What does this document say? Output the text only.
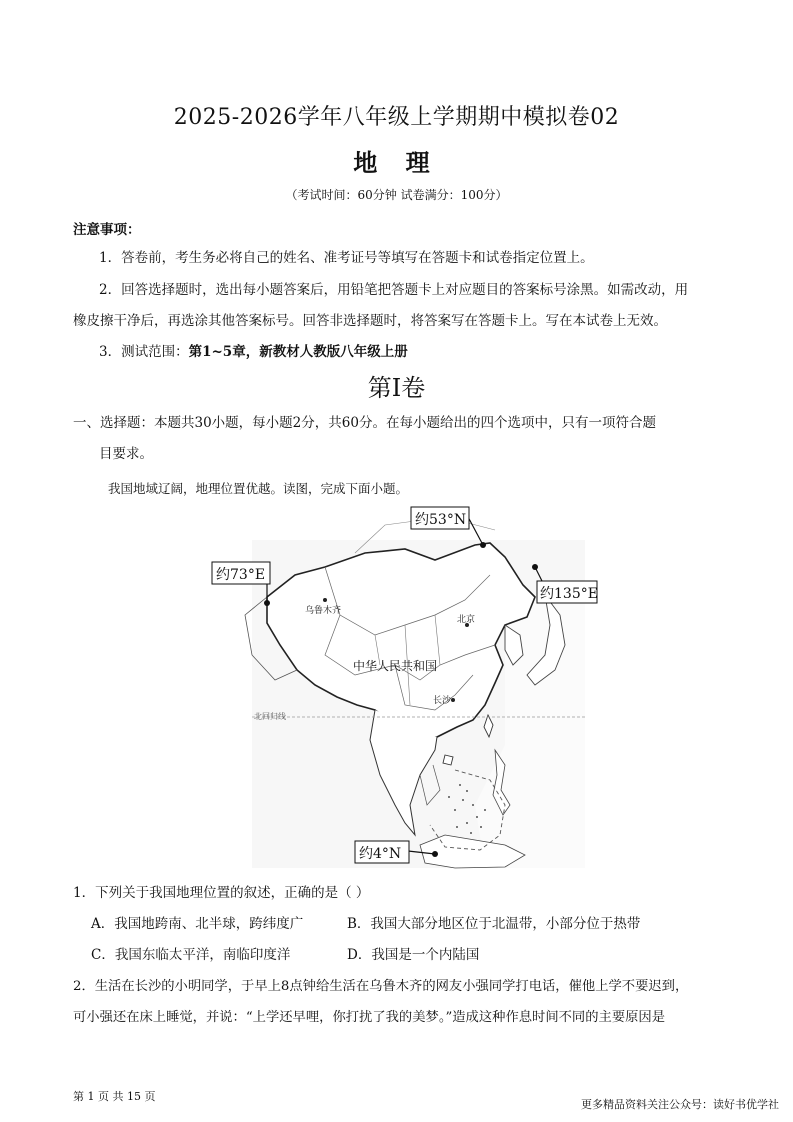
2025-2026学年八年级上学期期中模拟卷02
地 理
（考试时间：60分钟 试卷满分：100分）
注意事项：
1．答卷前，考生务必将自己的姓名、准考证号等填写在答题卡和试卷指定位置上。
2．回答选择题时，选出每小题答案后，用铅笔把答题卡上对应题目的答案标号涂黑。如需改动，用
橡皮擦干净后，再选涂其他答案标号。回答非选择题时，将答案写在答题卡上。写在本试卷上无效。
3．测试范围：第1~5章，新教材人教版八年级上册
第I卷
一、选择题：本题共30小题，每小题2分，共60分。在每小题给出的四个选项中，只有一项符合题
目要求。
我国地域辽阔，地理位置优越。读图，完成下面小题。
北回归线
乌鲁木齐
北京
长沙
中华人民共和国
约53°N
约73°E
约135°E
约4°N
1．下列关于我国地理位置的叙述，正确的是（ ）
A．我国地跨南、北半球，跨纬度广	B．我国大部分地区位于北温带，小部分位于热带
C．我国东临太平洋，南临印度洋	D．我国是一个内陆国
2．生活在长沙的小明同学，于早上8点钟给生活在乌鲁木齐的网友小强同学打电话，催他上学不要迟到，
可小强还在床上睡觉，并说：“上学还早哩，你打扰了我的美梦。”造成这种作息时间不同的主要原因是
第 1 页 共 15 页
更多精品资料关注公众号：读好书优学社
